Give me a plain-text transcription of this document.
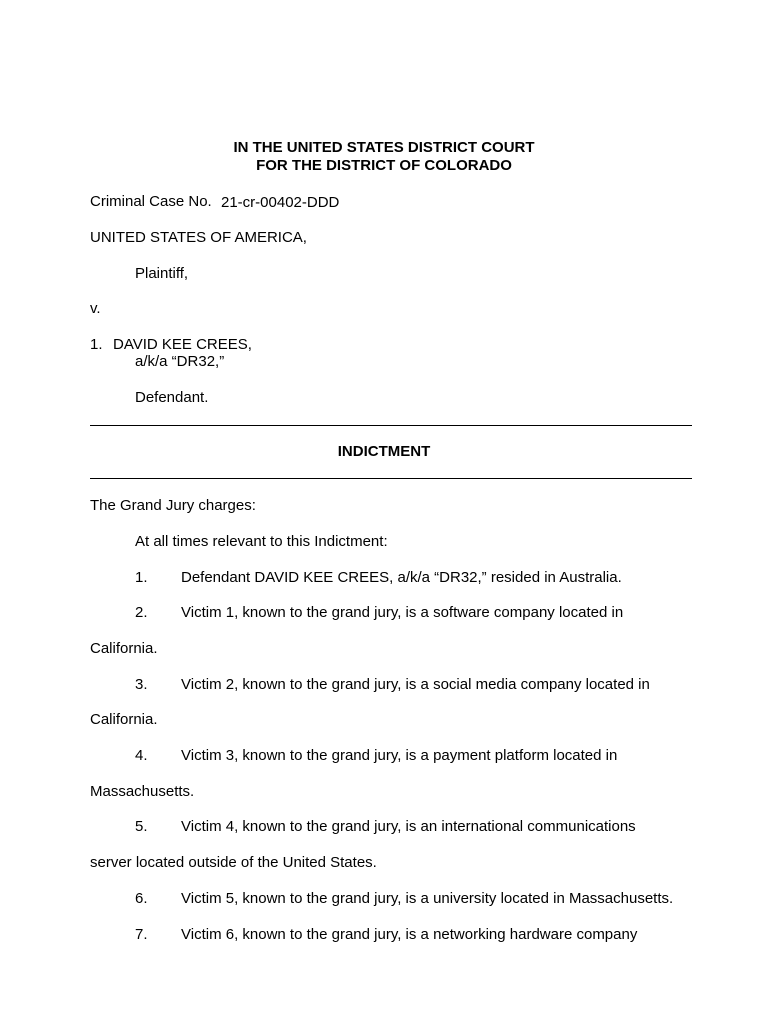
IN THE UNITED STATES DISTRICT COURT
FOR THE DISTRICT OF COLORADO
Criminal Case No. 21-cr-00402-DDD
UNITED STATES OF AMERICA,
Plaintiff,
v.
1. DAVID KEE CREES,
a/k/a “DR32,”
Defendant.
INDICTMENT
The Grand Jury charges:
At all times relevant to this Indictment:
1. Defendant DAVID KEE CREES, a/k/a “DR32,” resided in Australia.
2. Victim 1, known to the grand jury, is a software company located in
California.
3. Victim 2, known to the grand jury, is a social media company located in
California.
4. Victim 3, known to the grand jury, is a payment platform located in
Massachusetts.
5. Victim 4, known to the grand jury, is an international communications
server located outside of the United States.
6. Victim 5, known to the grand jury, is a university located in Massachusetts.
7. Victim 6, known to the grand jury, is a networking hardware company
